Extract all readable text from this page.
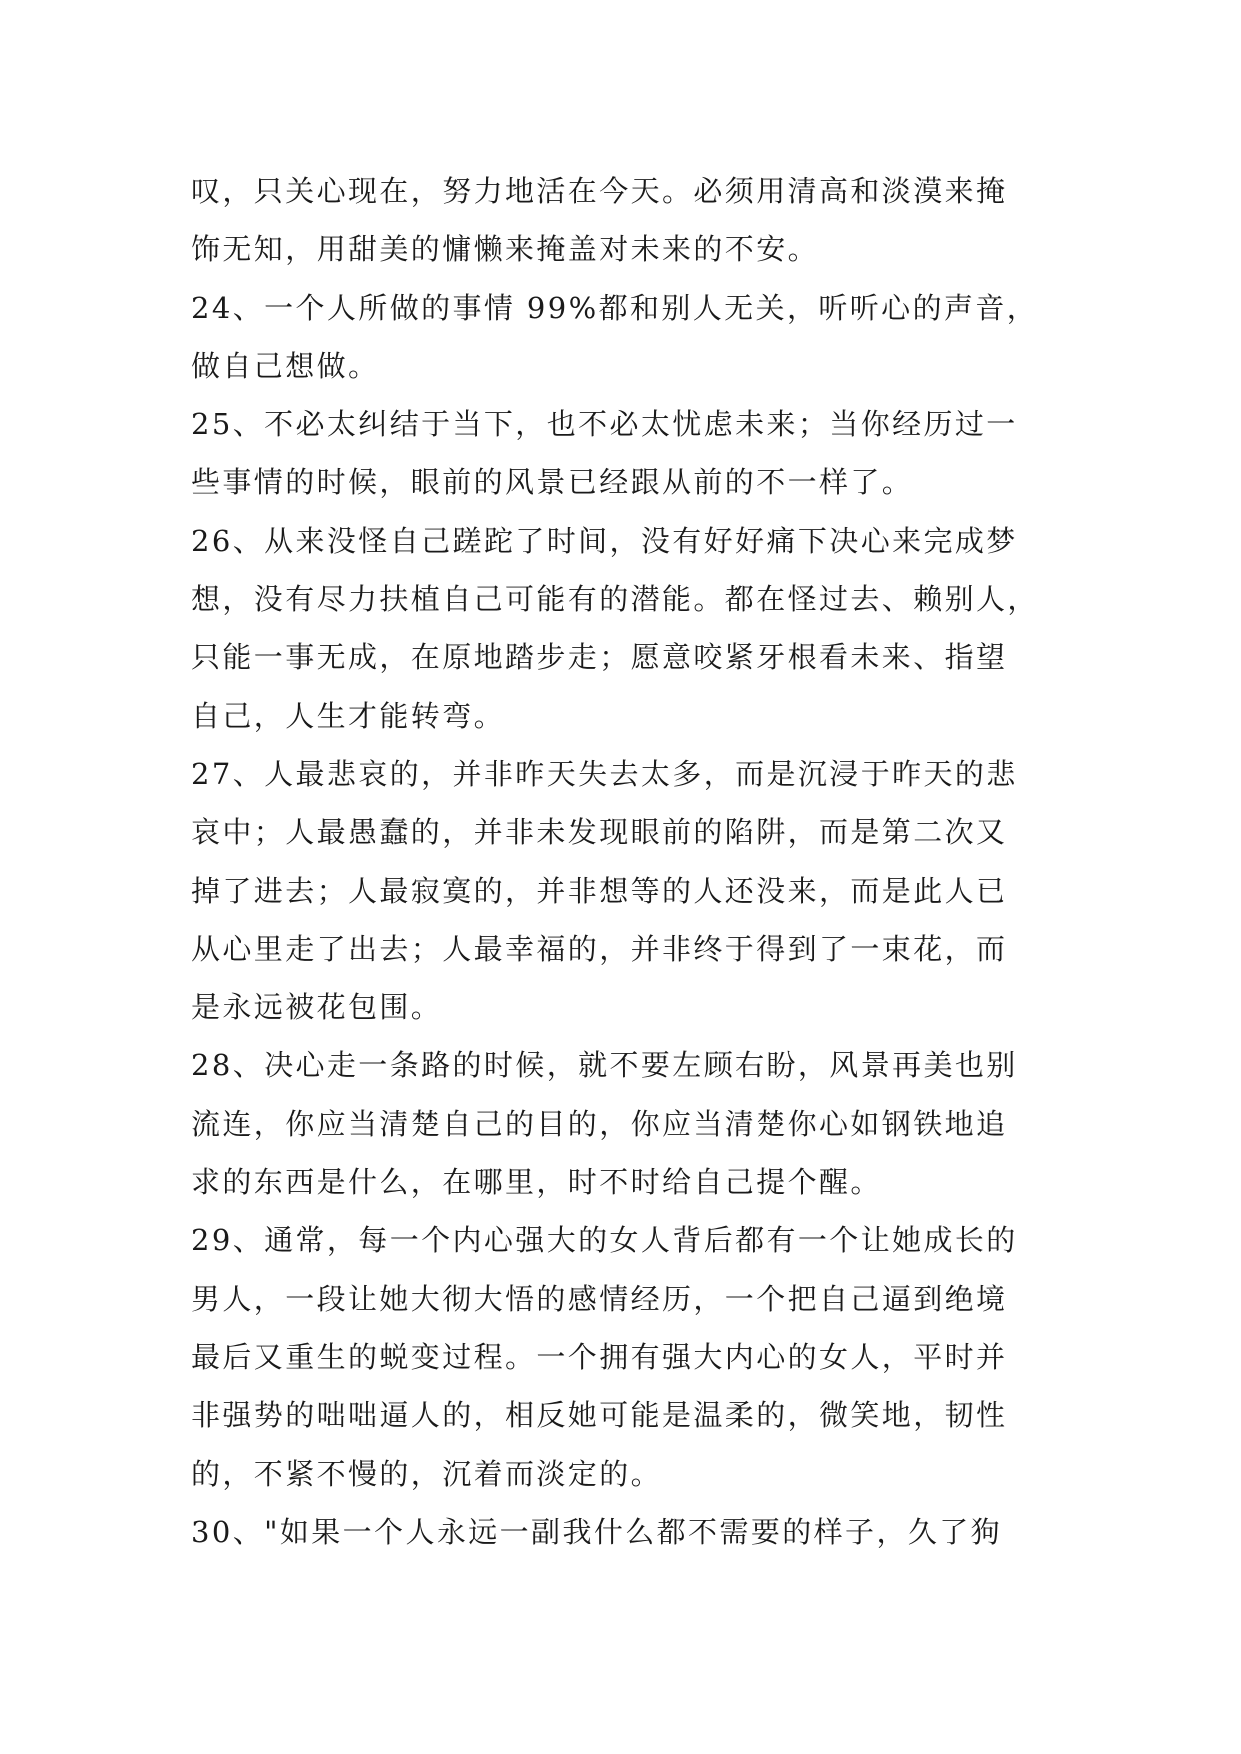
叹，只关心现在，努力地活在今天。必须用清高和淡漠来掩
饰无知，用甜美的慵懒来掩盖对未来的不安。
24、一个人所做的事情 99%都和别人无关，听听心的声音，
做自己想做。
25、不必太纠结于当下，也不必太忧虑未来；当你经历过一
些事情的时候，眼前的风景已经跟从前的不一样了。
26、从来没怪自己蹉跎了时间，没有好好痛下决心来完成梦
想，没有尽力扶植自己可能有的潜能。都在怪过去、赖别人，
只能一事无成，在原地踏步走；愿意咬紧牙根看未来、指望
自己，人生才能转弯。
27、人最悲哀的，并非昨天失去太多，而是沉浸于昨天的悲
哀中；人最愚蠢的，并非未发现眼前的陷阱，而是第二次又
掉了进去；人最寂寞的，并非想等的人还没来，而是此人已
从心里走了出去；人最幸福的，并非终于得到了一束花，而
是永远被花包围。
28、决心走一条路的时候，就不要左顾右盼，风景再美也别
流连，你应当清楚自己的目的，你应当清楚你心如钢铁地追
求的东西是什么，在哪里，时不时给自己提个醒。
29、通常，每一个内心强大的女人背后都有一个让她成长的
男人，一段让她大彻大悟的感情经历，一个把自己逼到绝境
最后又重生的蜕变过程。一个拥有强大内心的女人，平时并
非强势的咄咄逼人的，相反她可能是温柔的，微笑地，韧性
的，不紧不慢的，沉着而淡定的。
30、"如果一个人永远一副我什么都不需要的样子，久了狗
